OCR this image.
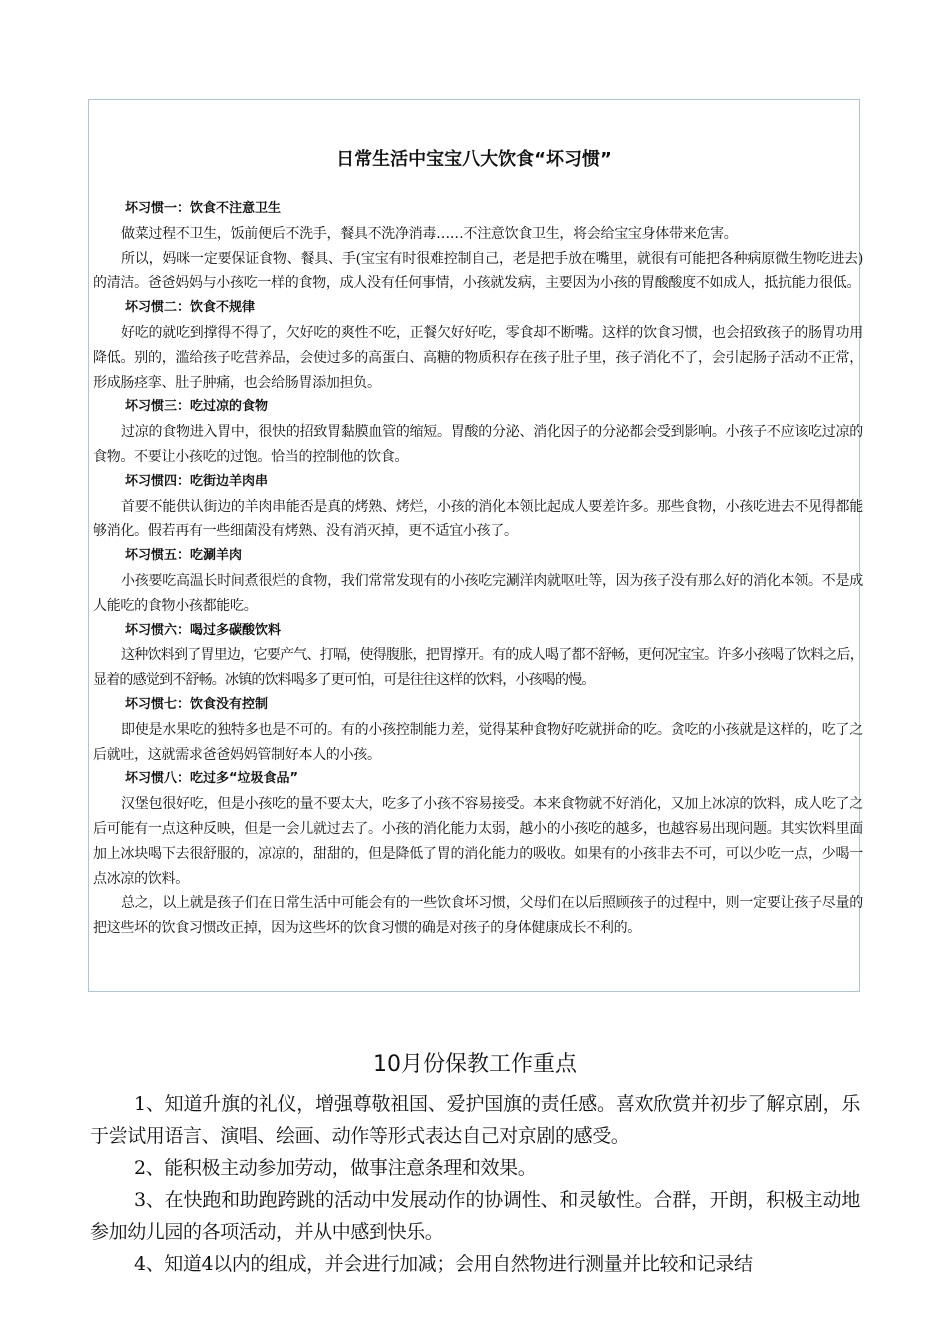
日常生活中宝宝八大饮食“坏习惯”

坏习惯一：饮食不注意卫生

做菜过程不卫生，饭前便后不洗手，餐具不洗净消毒……不注意饮食卫生，将会给宝宝身体带来危害。

所以，妈咪一定要保证食物、餐具、手(宝宝有时很难控制自己，老是把手放在嘴里，就很有可能把各种病原微生物吃进去)的清洁。爸爸妈妈与小孩吃一样的食物，成人没有任何事情，小孩就发病，主要因为小孩的胃酸酸度不如成人，抵抗能力很低。

坏习惯二：饮食不规律

好吃的就吃到撑得不得了，欠好吃的爽性不吃，正餐欠好好吃，零食却不断嘴。这样的饮食习惯，也会招致孩子的肠胃功用降低。别的，滥给孩子吃营养品，会使过多的高蛋白、高糖的物质积存在孩子肚子里，孩子消化不了，会引起肠子活动不正常，形成肠痉挛、肚子肿痛，也会给肠胃添加担负。

坏习惯三：吃过凉的食物

过凉的食物进入胃中，很快的招致胃黏膜血管的缩短。胃酸的分泌、消化因子的分泌都会受到影响。小孩子不应该吃过凉的食物。不要让小孩吃的过饱。恰当的控制他的饮食。

坏习惯四：吃街边羊肉串

首要不能供认街边的羊肉串能否是真的烤熟、烤烂，小孩的消化本领比起成人要差许多。那些食物，小孩吃进去不见得都能够消化。假若再有一些细菌没有烤熟、没有消灭掉，更不适宜小孩了。

坏习惯五：吃涮羊肉

小孩要吃高温长时间煮很烂的食物，我们常常发现有的小孩吃完涮洋肉就呕吐等，因为孩子没有那么好的消化本领。不是成人能吃的食物小孩都能吃。

坏习惯六：喝过多碳酸饮料

这种饮料到了胃里边，它要产气、打嗝，使得腹胀，把胃撑开。有的成人喝了都不舒畅，更何况宝宝。许多小孩喝了饮料之后，显着的感觉到不舒畅。冰镇的饮料喝多了更可怕，可是往往这样的饮料，小孩喝的慢。

坏习惯七：饮食没有控制

即使是水果吃的独特多也是不可的。有的小孩控制能力差，觉得某种食物好吃就拼命的吃。贪吃的小孩就是这样的，吃了之后就吐，这就需求爸爸妈妈管制好本人的小孩。

坏习惯八：吃过多“垃圾食品”

汉堡包很好吃，但是小孩吃的量不要太大，吃多了小孩不容易接受。本来食物就不好消化，又加上冰凉的饮料，成人吃了之后可能有一点这种反映，但是一会儿就过去了。小孩的消化能力太弱，越小的小孩吃的越多，也越容易出现问题。其实饮料里面加上冰块喝下去很舒服的，凉凉的，甜甜的，但是降低了胃的消化能力的吸收。如果有的小孩非去不可，可以少吃一点，少喝一点冰凉的饮料。

总之，以上就是孩子们在日常生活中可能会有的一些饮食坏习惯，父母们在以后照顾孩子的过程中，则一定要让孩子尽量的把这些坏的饮食习惯改正掉，因为这些坏的饮食习惯的确是对孩子的身体健康成长不利的。

10月份保教工作重点

1、知道升旗的礼仪，增强尊敬祖国、爱护国旗的责任感。喜欢欣赏并初步了解京剧，乐于尝试用语言、演唱、绘画、动作等形式表达自己对京剧的感受。

2、能积极主动参加劳动，做事注意条理和效果。

3、在快跑和助跑跨跳的活动中发展动作的协调性、和灵敏性。合群，开朗，积极主动地参加幼儿园的各项活动，并从中感到快乐。

4、知道4以内的组成，并会进行加减；会用自然物进行测量并比较和记录结
